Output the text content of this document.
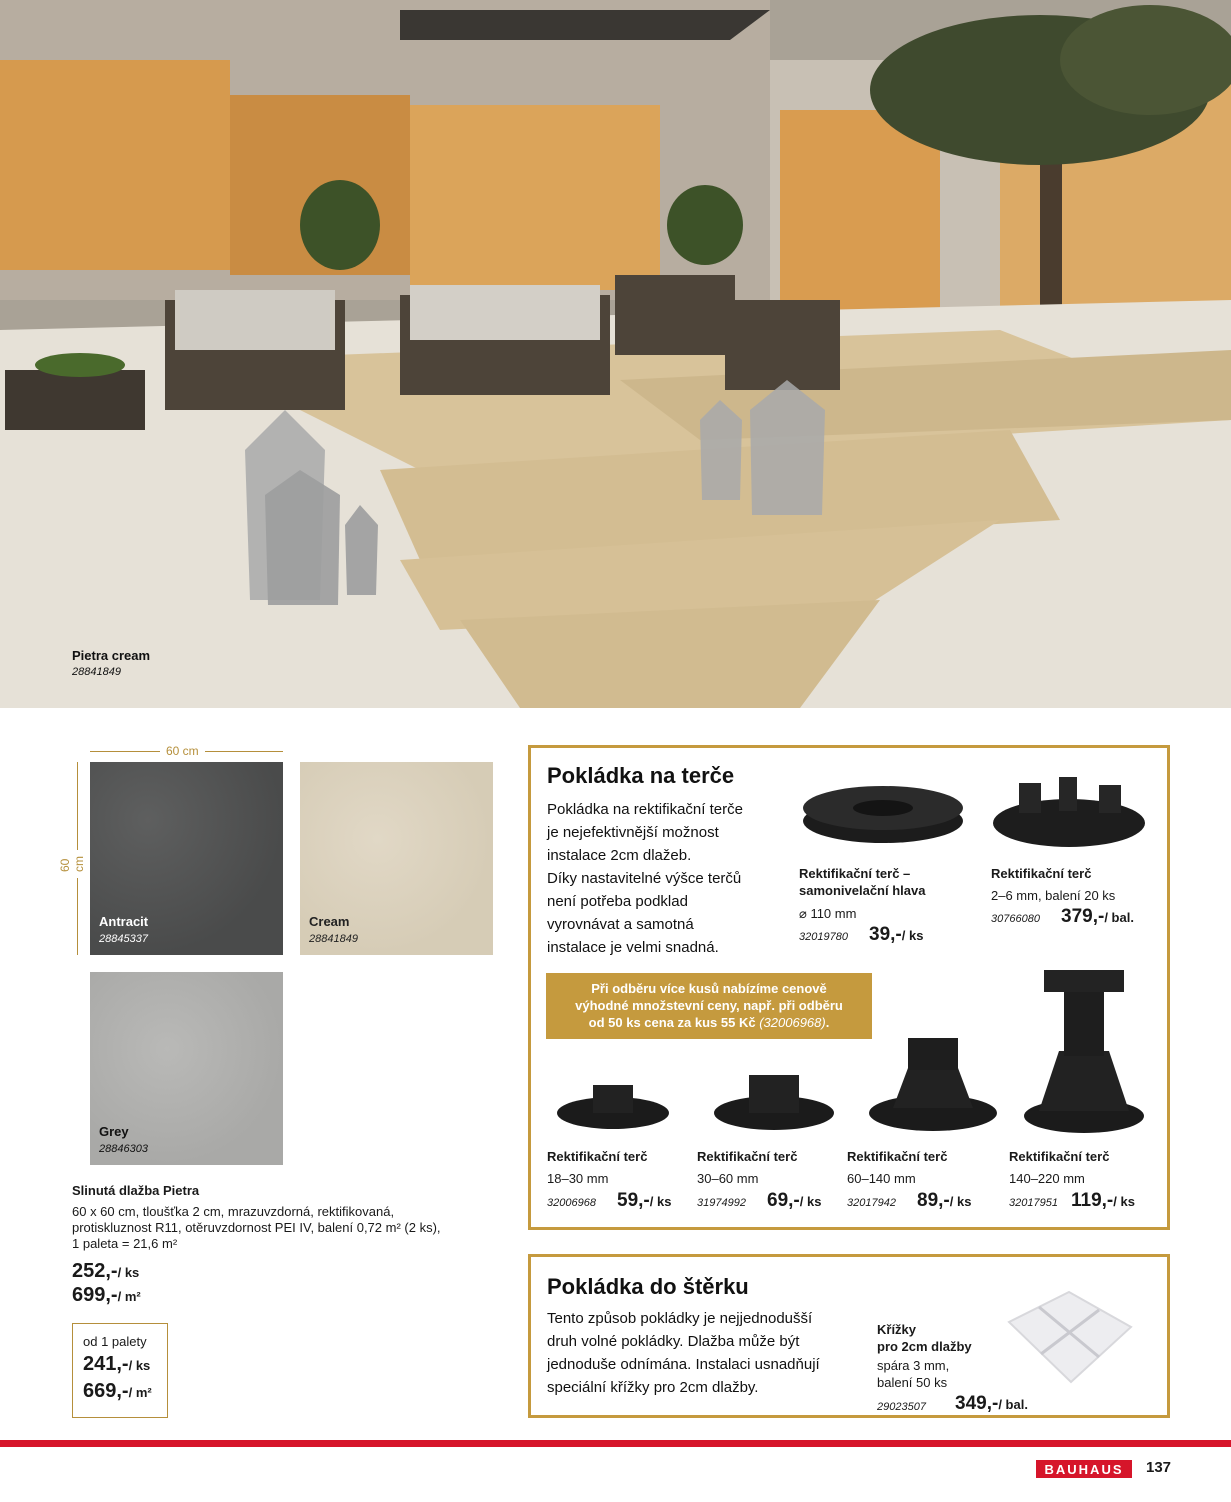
Pietra cream
28841849
60 cm
60 cm
Antracit
28845337
Cream
28841849
Grey
28846303
Slinutá dlažba Pietra
60 x 60 cm, tloušťka 2 cm, mrazuvzdorná, rektifikovaná,
protiskluznost R11, otěruvzdornost PEI IV, balení 0,72 m² (2 ks),
1 paleta = 21,6 m²
252,-/ ks
699,-/ m²
od 1 palety
241,-/ ks
669,-/ m²
Pokládka na terče
Pokládka na rektifikační terče
je nejefektivnější možnost
instalace 2cm dlažeb.
Díky nastavitelné výšce terčů
není potřeba podklad
vyrovnávat a samotná
instalace je velmi snadná.
Rektifikační terč –
samonivelační hlava
⌀ 110 mm
32019780 39,-/ ks
Rektifikační terč
2–6 mm, balení 20 ks
30766080 379,-/ bal.
Rektifikační terč
18–30 mm
32006968 59,-/ ks
Rektifikační terč
30–60 mm
31974992 69,-/ ks
Rektifikační terč
60–140 mm
32017942 89,-/ ks
Rektifikační terč
140–220 mm
32017951 119,-/ ks
Při odběru více kusů nabízíme cenově
výhodné množstevní ceny, např. při odběru
od 50 ks cena za kus 55 Kč (32006968).
Pokládka do štěrku
Tento způsob pokládky je nejjednodušší
druh volné pokládky. Dlažba může být
jednoduše odnímána. Instalaci usnadňují
speciální křížky pro 2cm dlažby.
Křížky
pro 2cm dlažby
spára 3 mm,
balení 50 ks
29023507 349,-/ bal.
BAUHAUS	137
